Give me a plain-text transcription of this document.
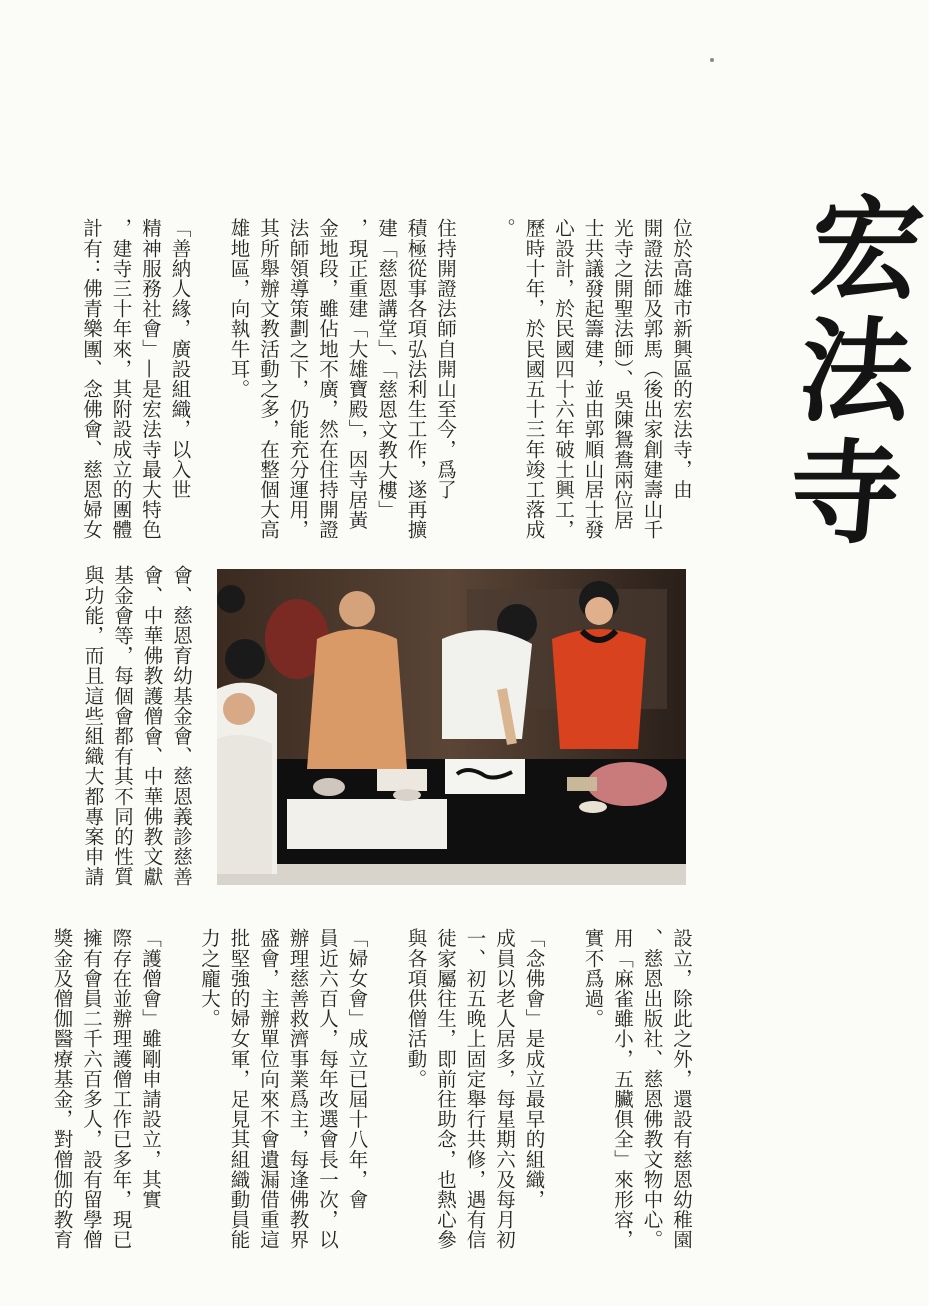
宏法寺
位於高雄市新興區的宏法寺，由
開證法師及郭馬（後出家創建壽山千
光寺之開聖法師）、吳陳鴛鴦兩位居
士共議發起籌建，並由郭順山居士發
心設計，於民國四十六年破土興工，
歷時十年，於民國五十三年竣工落成
。

住持開證法師自開山至今，爲了
積極從事各項弘法利生工作，遂再擴
建「慈恩講堂」、「慈恩文教大樓」
，現正重建「大雄寶殿」，因寺居黃
金地段，雖佔地不廣，然在住持開證
法師領導策劃之下，仍能充分運用，
其所舉辦文教活動之多，在整個大高
雄地區，向執牛耳。

「善納人緣，廣設組織，以入世
精神服務社會」—是宏法寺最大特色
，建寺三十年來，其附設成立的團體
計有：佛青樂團、念佛會、慈恩婦女
會、慈恩育幼基金會、慈恩義診慈善
會、中華佛教護僧會、中華佛教文獻
基金會等，每個會都有其不同的性質
與功能，而且這些組織大都專案申請
設立，除此之外，還設有慈恩幼稚園
、慈恩出版社、慈恩佛教文物中心。
用「麻雀雖小，五臟俱全」來形容，
實不爲過。

「念佛會」是成立最早的組織，
成員以老人居多，每星期六及每月初
一、初五晚上固定舉行共修，遇有信
徒家屬往生，即前往助念，也熱心參
與各項供僧活動。

「婦女會」成立已屆十八年，會
員近六百人，每年改選會長一次，以
辦理慈善救濟事業爲主，每逢佛教界
盛會，主辦單位向來不會遺漏借重這
批堅強的婦女軍，足見其組織動員能
力之龐大。

「護僧會」雖剛申請設立，其實
際存在並辦理護僧工作已多年，現已
擁有會員二千六百多人，設有留學僧
獎金及僧伽醫療基金，對僧伽的教育
